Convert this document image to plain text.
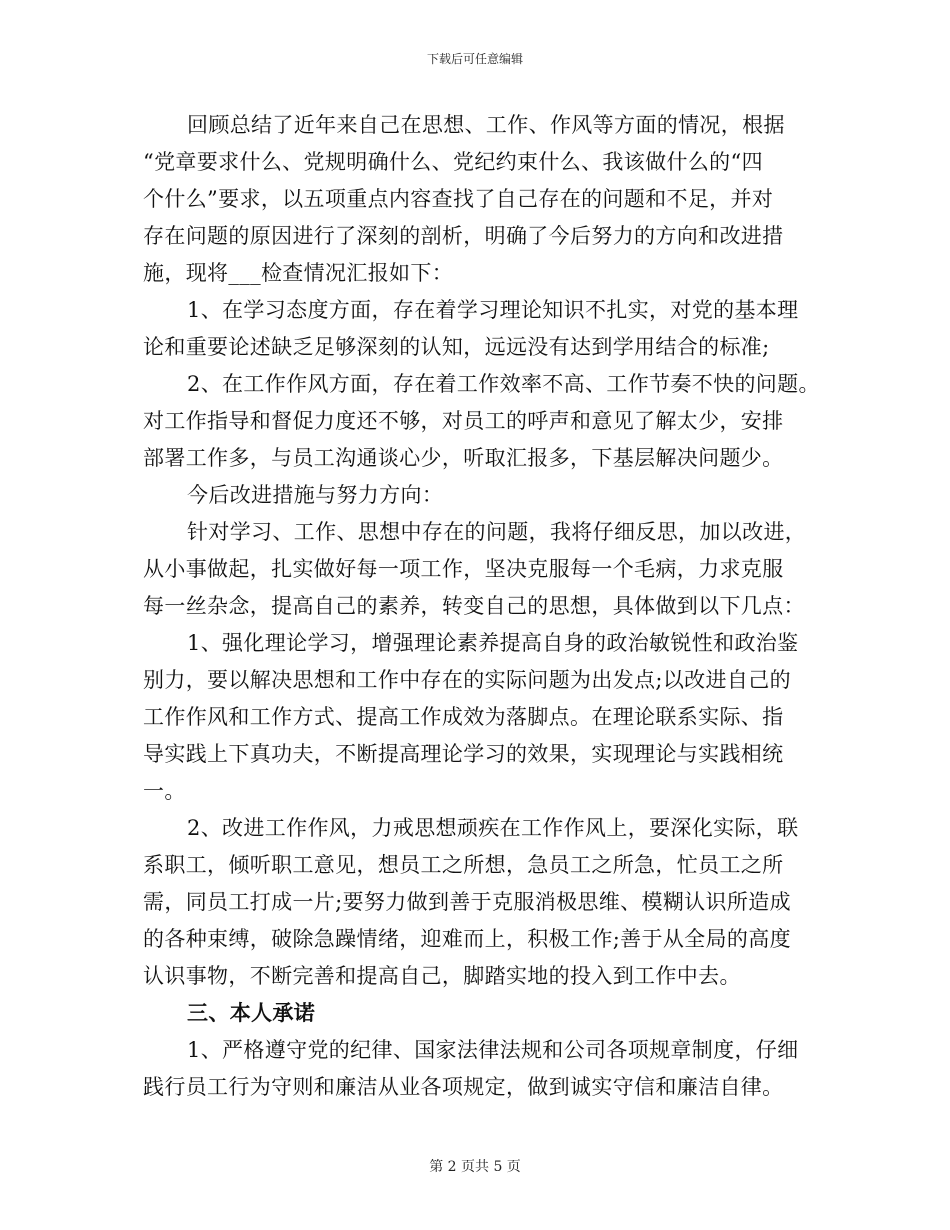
下载后可任意编辑
回顾总结了近年来自己在思想、工作、作风等方面的情况，根据
“党章要求什么、党规明确什么、党纪约束什么、我该做什么的“四
个什么”要求，以五项重点内容查找了自己存在的问题和不足，并对
存在问题的原因进行了深刻的剖析，明确了今后努力的方向和改进措
施，现将___检查情况汇报如下：
1、在学习态度方面，存在着学习理论知识不扎实，对党的基本理
论和重要论述缺乏足够深刻的认知，远远没有达到学用结合的标准;
2、在工作作风方面，存在着工作效率不高、工作节奏不快的问题。
对工作指导和督促力度还不够，对员工的呼声和意见了解太少，安排
部署工作多，与员工沟通谈心少，听取汇报多，下基层解决问题少。
今后改进措施与努力方向：
针对学习、工作、思想中存在的问题，我将仔细反思，加以改进，
从小事做起，扎实做好每一项工作，坚决克服每一个毛病，力求克服
每一丝杂念，提高自己的素养，转变自己的思想，具体做到以下几点：
1、强化理论学习，增强理论素养提高自身的政治敏锐性和政治鉴
别力，要以解决思想和工作中存在的实际问题为出发点;以改进自己的
工作作风和工作方式、提高工作成效为落脚点。在理论联系实际、指
导实践上下真功夫，不断提高理论学习的效果，实现理论与实践相统
一。
2、改进工作作风，力戒思想顽疾在工作作风上，要深化实际，联
系职工，倾听职工意见，想员工之所想，急员工之所急，忙员工之所
需，同员工打成一片;要努力做到善于克服消极思维、模糊认识所造成
的各种束缚，破除急躁情绪，迎难而上，积极工作;善于从全局的高度
认识事物，不断完善和提高自己，脚踏实地的投入到工作中去。
三、本人承诺
1、严格遵守党的纪律、国家法律法规和公司各项规章制度，仔细
践行员工行为守则和廉洁从业各项规定，做到诚实守信和廉洁自律。
第 2 页共 5 页
